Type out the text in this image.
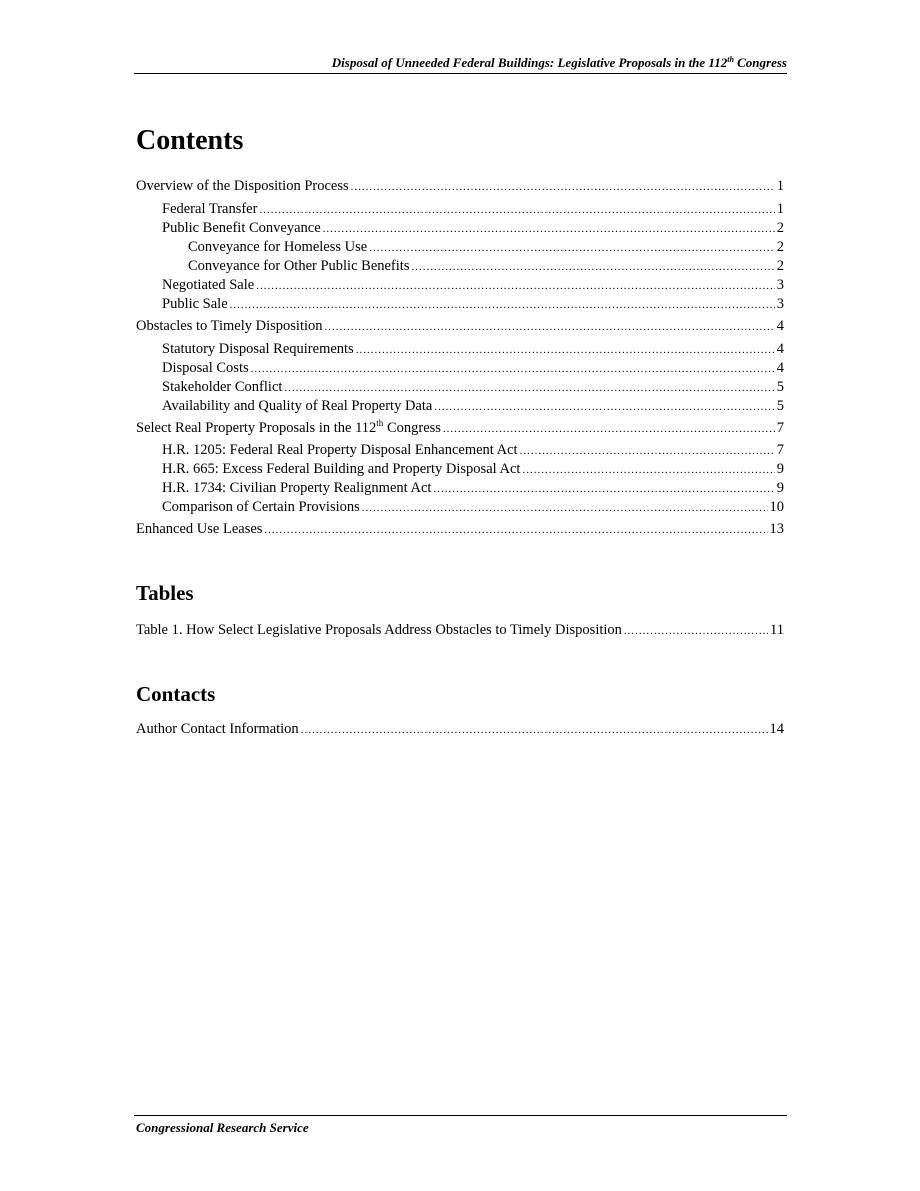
Disposal of Unneeded Federal Buildings: Legislative Proposals in the 112th Congress
Contents
Overview of the Disposition Process .....	1
Federal Transfer .....	1
Public Benefit Conveyance .....	2
Conveyance for Homeless Use .....	2
Conveyance for Other Public Benefits .....	2
Negotiated Sale .....	3
Public Sale .....	3
Obstacles to Timely Disposition .....	4
Statutory Disposal Requirements .....	4
Disposal Costs .....	4
Stakeholder Conflict .....	5
Availability and Quality of Real Property Data .....	5
Select Real Property Proposals in the 112th Congress .....	7
H.R. 1205: Federal Real Property Disposal Enhancement Act .....	7
H.R. 665: Excess Federal Building and Property Disposal Act .....	9
H.R. 1734: Civilian Property Realignment Act .....	9
Comparison of Certain Provisions .....	10
Enhanced Use Leases .....	13
Table 1. How Select Legislative Proposals Address Obstacles to Timely Disposition .....	11
Author Contact Information .....	14
Tables
Contacts
Congressional Research Service
